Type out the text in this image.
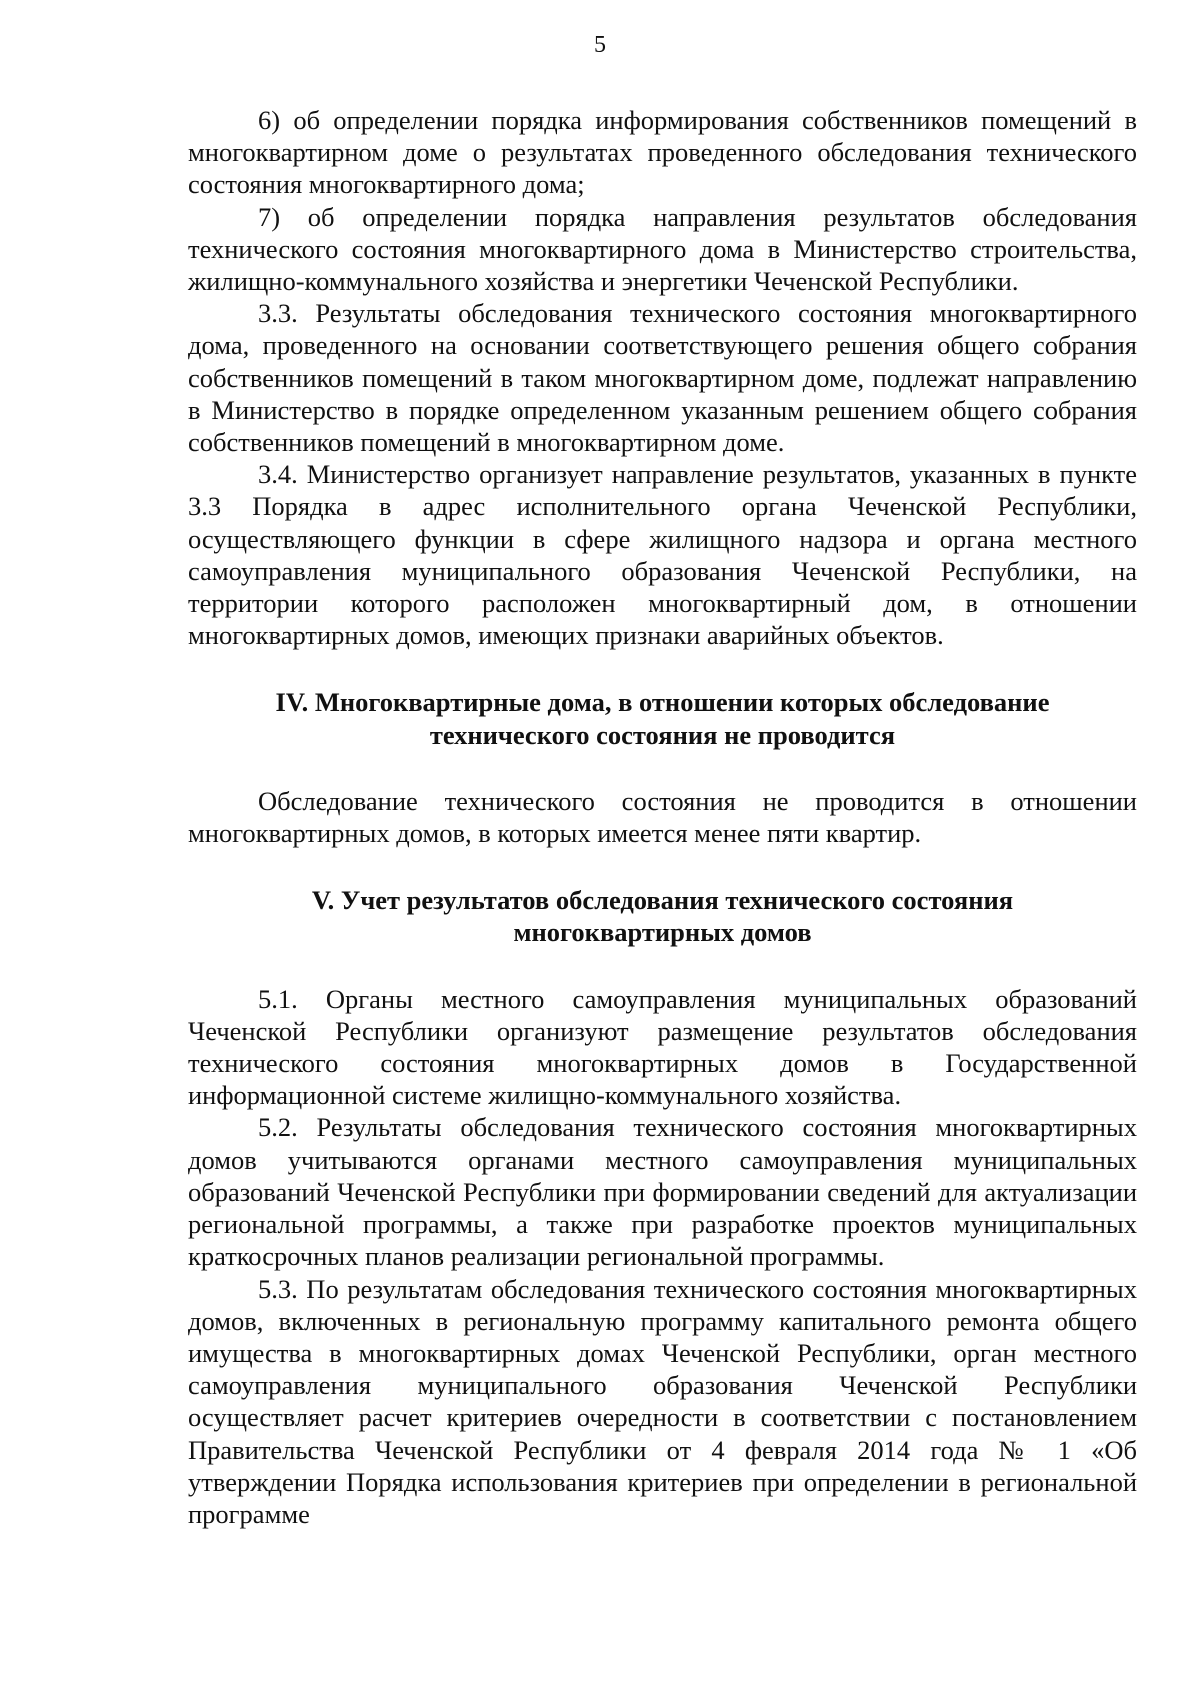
5

6) об определении порядка информирования собственников помещений в многоквартирном доме о результатах проведенного обследования технического состояния многоквартирного дома;

7) об определении порядка направления результатов обследования технического состояния многоквартирного дома в Министерство строительства, жилищно-коммунального хозяйства и энергетики Чеченской Республики.

3.3. Результаты обследования технического состояния многоквартирного дома, проведенного на основании соответствующего решения общего собрания собственников помещений в таком многоквартирном доме, подлежат направлению в Министерство в порядке определенном указанным решением общего собрания собственников помещений в многоквартирном доме.

3.4. Министерство организует направление результатов, указанных в пункте 3.3 Порядка в адрес исполнительного органа Чеченской Республики, осуществляющего функции в сфере жилищного надзора и органа местного самоуправления муниципального образования Чеченской Республики, на территории которого расположен многоквартирный дом, в отношении многоквартирных домов, имеющих признаки аварийных объектов.

IV. Многоквартирные дома, в отношении которых обследование

технического состояния не проводится

Обследование технического состояния не проводится в отношении многоквартирных домов, в которых имеется менее пяти квартир.

V. Учет результатов обследования технического состояния

многоквартирных домов

5.1. Органы местного самоуправления муниципальных образований Чеченской Республики организуют размещение результатов обследования технического состояния многоквартирных домов в Государственной информационной системе жилищно-коммунального хозяйства.

5.2. Результаты обследования технического состояния многоквартирных домов учитываются органами местного самоуправления муниципальных образований Чеченской Республики при формировании сведений для актуализации региональной программы, а также при разработке проектов муниципальных краткосрочных планов реализации региональной программы.

5.3. По результатам обследования технического состояния многоквартирных домов, включенных в региональную программу капитального ремонта общего имущества в многоквартирных домах Чеченской Республики, орган местного самоуправления муниципального образования Чеченской Республики осуществляет расчет критериев очередности в соответствии с постановлением Правительства Чеченской Республики от 4 февраля 2014 года № 1 «Об утверждении Порядка использования критериев при определении в региональной программе
